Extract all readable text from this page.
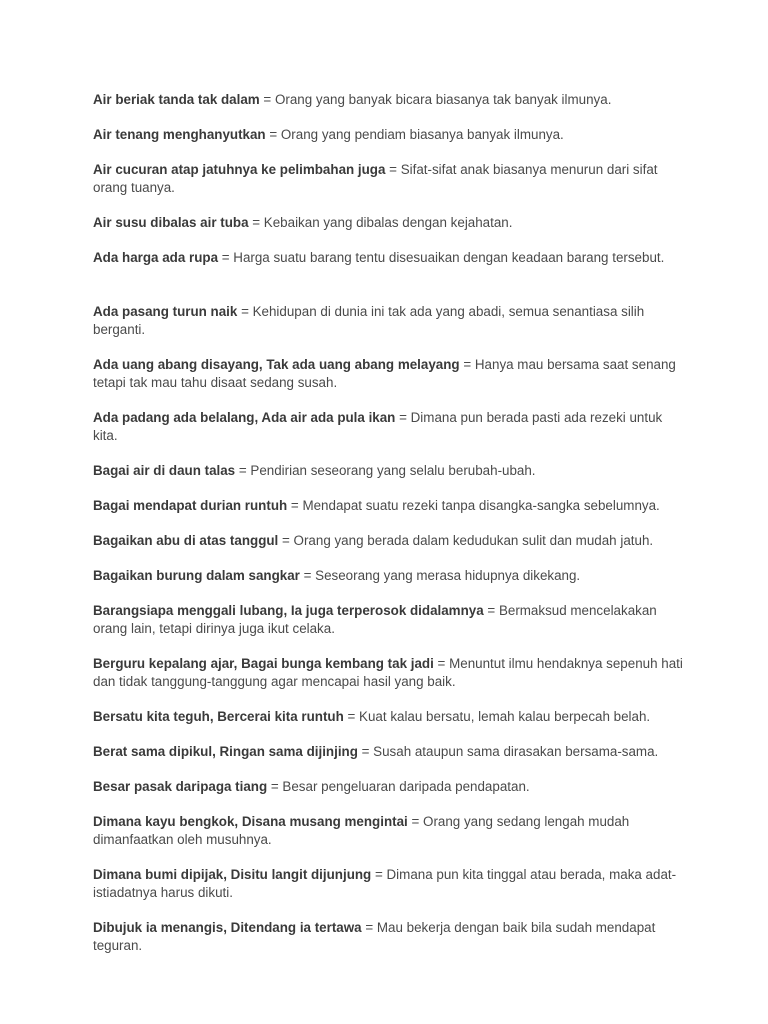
Air beriak tanda tak dalam = Orang yang banyak bicara biasanya tak banyak ilmunya.

Air tenang menghanyutkan = Orang yang pendiam biasanya banyak ilmunya.

Air cucuran atap jatuhnya ke pelimbahan juga = Sifat-sifat anak biasanya menurun dari sifat orang tuanya.

Air susu dibalas air tuba = Kebaikan yang dibalas dengan kejahatan.

Ada harga ada rupa = Harga suatu barang tentu disesuaikan dengan keadaan barang tersebut.

Ada pasang turun naik = Kehidupan di dunia ini tak ada yang abadi, semua senantiasa silih berganti.

Ada uang abang disayang, Tak ada uang abang melayang = Hanya mau bersama saat senang tetapi tak mau tahu disaat sedang susah.

Ada padang ada belalang, Ada air ada pula ikan = Dimana pun berada pasti ada rezeki untuk kita.

Bagai air di daun talas = Pendirian seseorang yang selalu berubah-ubah.

Bagai mendapat durian runtuh = Mendapat suatu rezeki tanpa disangka-sangka sebelumnya.

Bagaikan abu di atas tanggul = Orang yang berada dalam kedudukan sulit dan mudah jatuh.

Bagaikan burung dalam sangkar = Seseorang yang merasa hidupnya dikekang.

Barangsiapa menggali lubang, Ia juga terperosok didalamnya = Bermaksud mencelakakan orang lain, tetapi dirinya juga ikut celaka.

Berguru kepalang ajar, Bagai bunga kembang tak jadi = Menuntut ilmu hendaknya sepenuh hati dan tidak tanggung-tanggung agar mencapai hasil yang baik.

Bersatu kita teguh, Bercerai kita runtuh = Kuat kalau bersatu, lemah kalau berpecah belah.

Berat sama dipikul, Ringan sama dijinjing = Susah ataupun sama dirasakan bersama-sama.

Besar pasak daripaga tiang = Besar pengeluaran daripada pendapatan.

Dimana kayu bengkok, Disana musang mengintai = Orang yang sedang lengah mudah dimanfaatkan oleh musuhnya.

Dimana bumi dipijak, Disitu langit dijunjung = Dimana pun kita tinggal atau berada, maka adat-istiadatnya harus dikuti.

Dibujuk ia menangis, Ditendang ia tertawa = Mau bekerja dengan baik bila sudah mendapat teguran.
